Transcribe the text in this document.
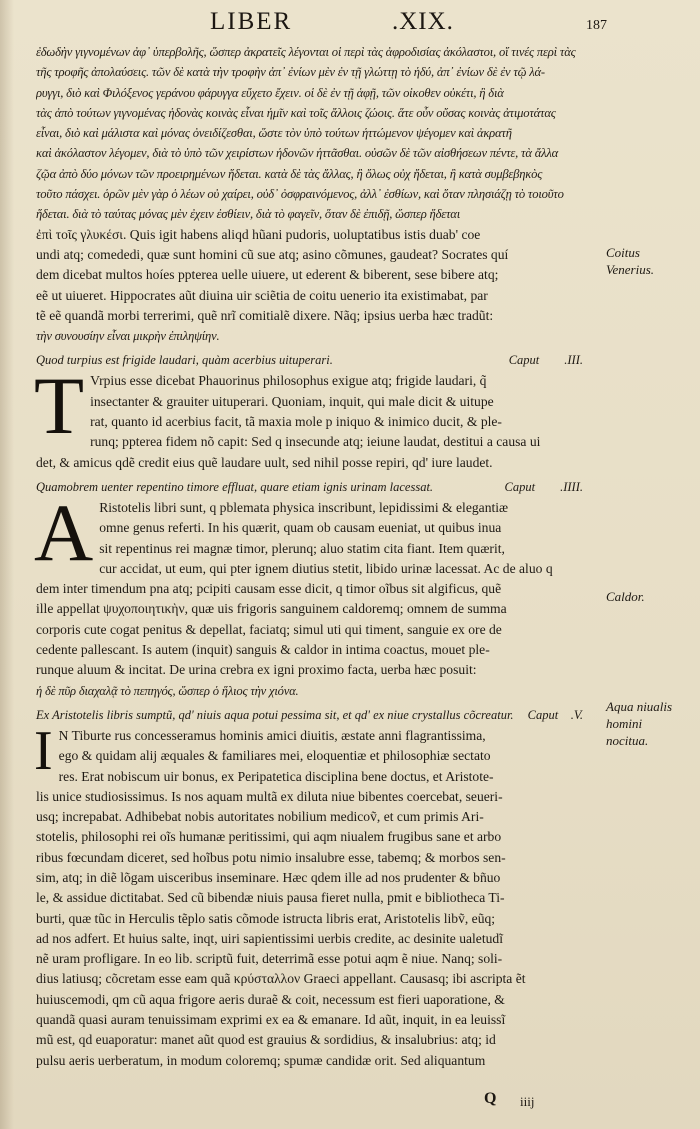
LIBER	.XIX.	187
ἐδωδὴν γιγνομένων ἀφ᾽ ὑπερβολῆς, ὥσπερ ἀκρατεῖς λέγονται οἱ περὶ τὰς ἀφροδισίας ἀκόλαστοι, οἵ τινές περὶ τὰς
τῆς τροφῆς ἀπολαύσεις. τῶν δὲ κατὰ τὴν τροφὴν ἀπ᾽ ἐνίων μὲν ἐν τῇ γλώττῃ τὸ ἡδύ, ἀπ᾽ ἐνίων δὲ ἐν τῷ λά-
ρυγγι, διὸ καὶ Φιλόξενος γεράνου φάρυγγα εὔχετο ἔχειν. οἱ δὲ ἐν τῇ ἁφῇ, τῶν οἰκοθεν οὐκέτι, ἢ διὰ
τὰς ἀπὸ τούτων γιγνομένας ἡδονὰς κοινὰς εἶναι ἡμῖν καὶ τοῖς ἄλλοις ζώοις. ἅτε οὖν οὔσας κοινὰς ἀτιμοτάτας
εἶναι, διὸ καὶ μάλιστα καὶ μόνας ὀνειδίζεσθαι, ὥστε τὸν ὑπὸ τούτων ἡττώμενον ψέγομεν καὶ ἀκρατῆ
καὶ ἀκόλαστον λέγομεν, διὰ τὸ ὑπὸ τῶν χειρίστων ἡδονῶν ἡττᾶσθαι. οὐσῶν δὲ τῶν αἰσθήσεων πέντε, τὰ ἄλλα
ζῷα ἀπὸ δύο μόνων τῶν προειρημένων ἥδεται. κατὰ δὲ τὰς ἄλλας, ἢ ὅλως οὐχ ἥδεται, ἢ κατὰ συμβεβηκὸς
τοῦτο πάσχει. ὁρῶν μὲν γὰρ ὁ λέων οὐ χαίρει, οὐδ᾽ ὀσφραινόμενος, ἀλλ᾽ ἐσθίων, καὶ ὅταν πλησιάζῃ τὸ τοιοῦτο
ἥδεται. διὰ τὸ ταύτας μόνας μὲν ἐχειν ἐσθίειν, διὰ τὸ φαγεῖν, ὅταν δὲ ἐπιδῇ, ὥσπερ ἥδεται
ἐπὶ τοῖς γλυκέσι. Quis igit habens aliqd hũani pudoris, uoluptatibus istis duab' coe
undi atq; comededi, quæ sunt homini cũ sue atq; asino cõmunes, gaudeat? Socrates quí
dem dicebat multos hoíes ppterea uelle uiuere, ut ederent & biberent, sese bibere atq;
eẽ ut uiueret. Hippocrates aũt diuina uir sciẽtia de coitu uenerio ita existimabat, par
tẽ eẽ quandã morbi terrerimi, quẽ nrĩ comitialẽ dixere. Nãq; ipsius uerba hæc tradũt:
τὴν συνουσίην εἶναι μικρὴν ἐπιληψίην.
Quod turpius est frigide laudari, quàm acerbius uituperari.	Caput .III.
T Vrpius esse dicebat Phauorinus philosophus exigue atq; frigide laudari, q̃
insectanter & grauiter uituperari. Quoniam, inquit, qui male dicit & uitupe
rat, quanto id acerbius facit, tã maxia mole p iniquo & inimico ducit, & ple-
runq; ppterea fidem nõ capit: Sed q insecunde atq; ieiune laudat, destitui a causa ui
det, & amicus qdẽ credit eius quẽ laudare uult, sed nihil posse repiri, qd' iure laudet.
Quamobrem uenter repentino timore effluat, quare etiam ignis urinam lacessat.	Caput .IIII.
A Ristotelis libri sunt, q pblemata physica inscribunt, lepidissimi & elegantiæ
omne genus referti. In his quærit, quam ob causam eueniat, ut quibus inua
sit repentinus rei magnæ timor, plerunq; aluo statim cita fiant. Item quærit,
cur accidat, ut eum, qui pter ignem diutius stetit, libido urinæ lacessat. Ac de aluo q
dem inter timendum pna atq; pcipiti causam esse dicit, q timor oĩbus sit algificus, quẽ
ille appellat ψυχοποιητικὴν, quæ uis frigoris sanguinem caldoremq; omnem de summa
corporis cute cogat penitus & depellat, faciatq; simul uti qui timent, sanguie ex ore de
cedente pallescant. Is autem (inquit) sanguis & caldor in intima coactus, mouet ple-
runque aluum & incitat. De urina crebra ex igni proximo facta, uerba hæc posuit:
ἡ δὲ πῦρ διαχαλᾷ τὸ πεπηγός, ὥσπερ ὁ ἥλιος τὴν χιόνα.
Ex Aristotelis libris sumptũ, qd' niuis aqua potui pessima sit, et qd' ex niue crystallus cõcreatur. Caput .V.
I N Tiburte rus concesseramus hominis amici diuitis, æstate anni flagrantissima,
ego & quidam alij æquales & familiares mei, eloquentiæ et philosophiæ sectato
res. Erat nobiscum uir bonus, ex Peripatetica disciplina bene doctus, et Aristote-
lis unice studiosissimus. Is nos aquam multã ex diluta niue bibentes coercebat, seueri-
usq; increpabat. Adhibebat nobis autoritates nobilium medicoṽ, et cum primis Ari-
stotelis, philosophi rei oĩs humanæ peritissimi, qui aqm niualem frugibus sane et arbo
ribus fœcundam diceret, sed hoĩbus potu nimio insalubre esse, tabemq; & morbos sen-
sim, atq; in diẽ lõgam uisceribus inseminare. Hæc qdem ille ad nos prudenter & bñuo
le, & assidue dictitabat. Sed cũ bibendæ niuis pausa fieret nulla, pmit e bibliotheca Ti-
burti, quæ tũc in Herculis tẽplo satis cõmode istructa libris erat, Aristotelis libṽ, eũq;
ad nos adfert. Et huius salte, inqt, uiri sapientissimi uerbis credite, ac desinite ualetudĩ
nẽ uram profligare. In eo lib. scriptũ fuit, deterrimã esse potui aqm ẽ niue. Nanq; soli-
dius latiusq; cõcretam esse eam quã κρύσταλλον Graeci appellant. Causasq; ibi ascripta ẽt
huiuscemodi, qm cũ aqua frigore aeris duraẽ & coit, necessum est fieri uaporatione, &
quandã quasi auram tenuissimam exprimi ex ea & emanare. Id aũt, inquit, in ea leuissĩ
mũ est, qd euaporatur: manet aũt quod est grauius & sordidius, & insalubrius: atq; id
pulsu aeris uerberatum, in modum coloremq; spumæ candidæ orit. Sed aliquantum
Coitus Venerius.
Caldor.
Aqua niualis homini nocitua.
Q iiij
